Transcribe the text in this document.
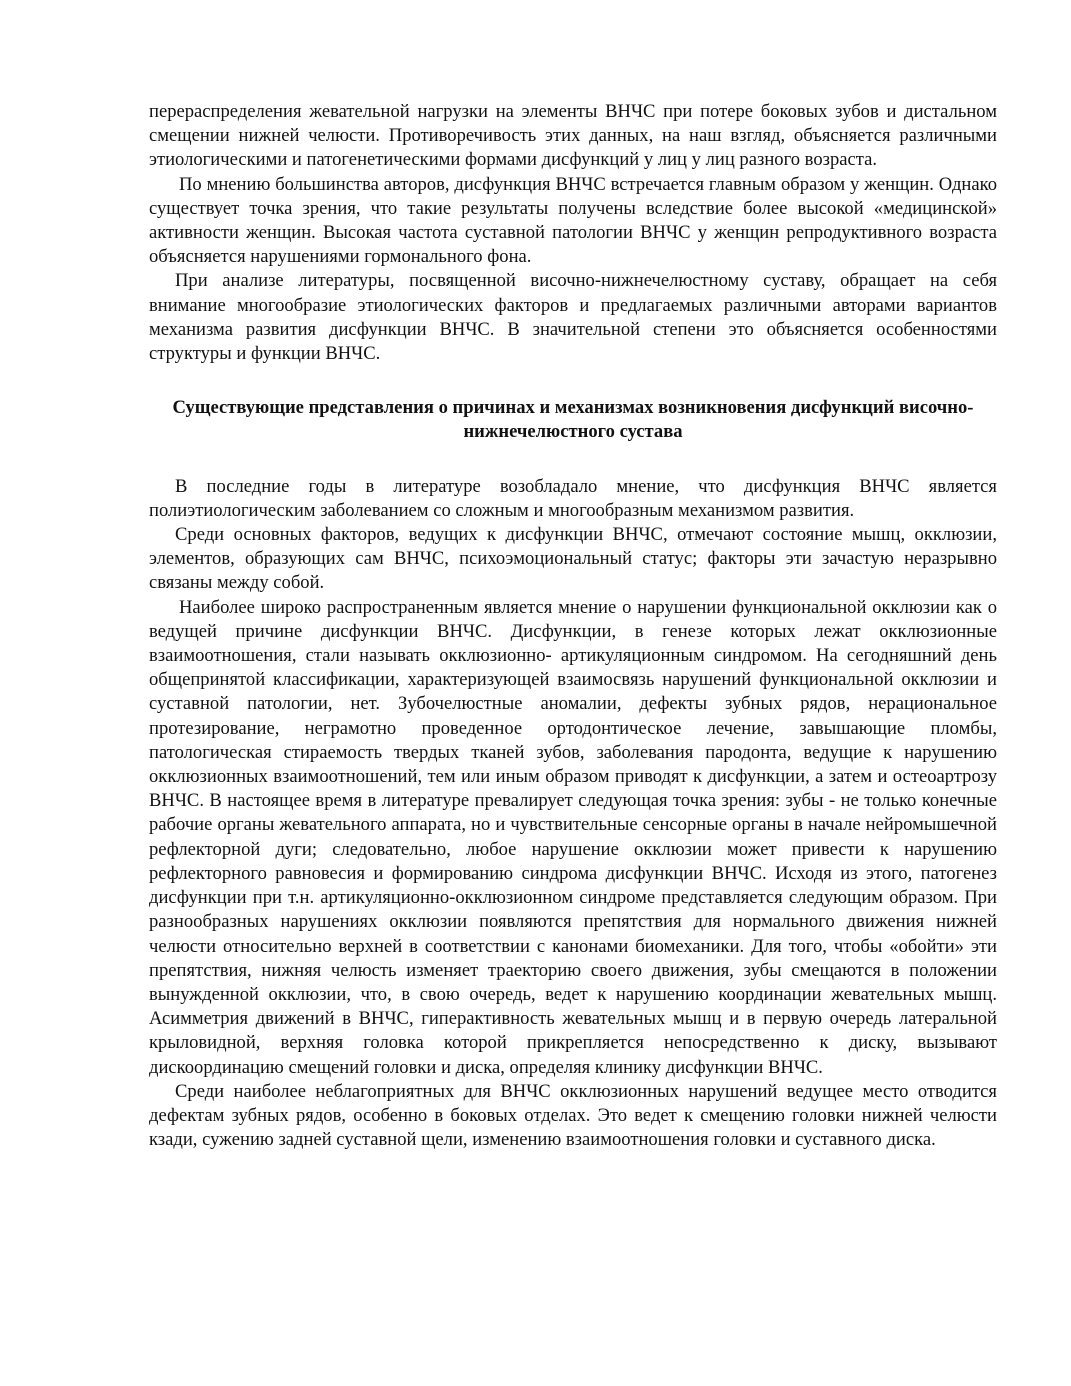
перераспределения жевательной нагрузки на элементы ВНЧС при потере боковых зубов и дистальном смещении нижней челюсти. Противоречивость этих данных, на наш взгляд, объясняется различными этиологическими и патогенетическими формами дисфункций у лиц у лиц разного возраста.

По мнению большинства авторов, дисфункция ВНЧС встречается главным образом у женщин. Однако существует точка зрения, что такие результаты получены вследствие более высокой «медицинской» активности женщин. Высокая частота суставной патологии ВНЧС у женщин репродуктивного возраста объясняется нарушениями гормонального фона.

При анализе литературы, посвященной височно-нижнечелюстному суставу, обращает на себя внимание многообразие этиологических факторов и предлагаемых различными авторами вариантов механизма развития дисфункции ВНЧС. В значительной степени это объясняется особенностями структуры и функции ВНЧС.

Существующие представления о причинах и механизмах возникновения дисфункций височно-нижнечелюстного сустава

В последние годы в литературе возобладало мнение, что дисфункция ВНЧС является полиэтиологическим заболеванием со сложным и многообразным механизмом развития.

Среди основных факторов, ведущих к дисфункции ВНЧС, отмечают состояние мышц, окклюзии, элементов, образующих сам ВНЧС, психоэмоциональный статус; факторы эти зачастую неразрывно связаны между собой.

Наиболее широко распространенным является мнение о нарушении функциональной окклюзии как о ведущей причине дисфункции ВНЧС. Дисфункции, в генезе которых лежат окклюзионные взаимоотношения, стали называть окклюзионно- артикуляционным синдромом. На сегодняшний день общепринятой классификации, характеризующей взаимосвязь нарушений функциональной окклюзии и суставной патологии, нет. Зубочелюстные аномалии, дефекты зубных рядов, нерациональное протезирование, неграмотно проведенное ортодонтическое лечение, завышающие пломбы, патологическая стираемость твердых тканей зубов, заболевания пародонта, ведущие к нарушению окклюзионных взаимоотношений, тем или иным образом приводят к дисфункции, а затем и остеоартрозу ВНЧС. В настоящее время в литературе превалирует следующая точка зрения: зубы - не только конечные рабочие органы жевательного аппарата, но и чувствительные сенсорные органы в начале нейромышечной рефлекторной дуги; следовательно, любое нарушение окклюзии может привести к нарушению рефлекторного равновесия и формированию синдрома дисфункции ВНЧС. Исходя из этого, патогенез дисфункции при т.н. артикуляционно-окклюзионном синдроме представляется следующим образом. При разнообразных нарушениях окклюзии появляются препятствия для нормального движения нижней челюсти относительно верхней в соответствии с канонами биомеханики. Для того, чтобы «обойти» эти препятствия, нижняя челюсть изменяет траекторию своего движения, зубы смещаются в положении вынужденной окклюзии, что, в свою очередь, ведет к нарушению координации жевательных мышц. Асимметрия движений в ВНЧС, гиперактивность жевательных мышц и в первую очередь латеральной крыловидной, верхняя головка которой прикрепляется непосредственно к диску, вызывают дискоординацию смещений головки и диска, определяя клинику дисфункции ВНЧС.

Среди наиболее неблагоприятных для ВНЧС окклюзионных нарушений ведущее место отводится дефектам зубных рядов, особенно в боковых отделах. Это ведет к смещению головки нижней челюсти кзади, сужению задней суставной щели, изменению взаимоотношения головки и суставного диска.
